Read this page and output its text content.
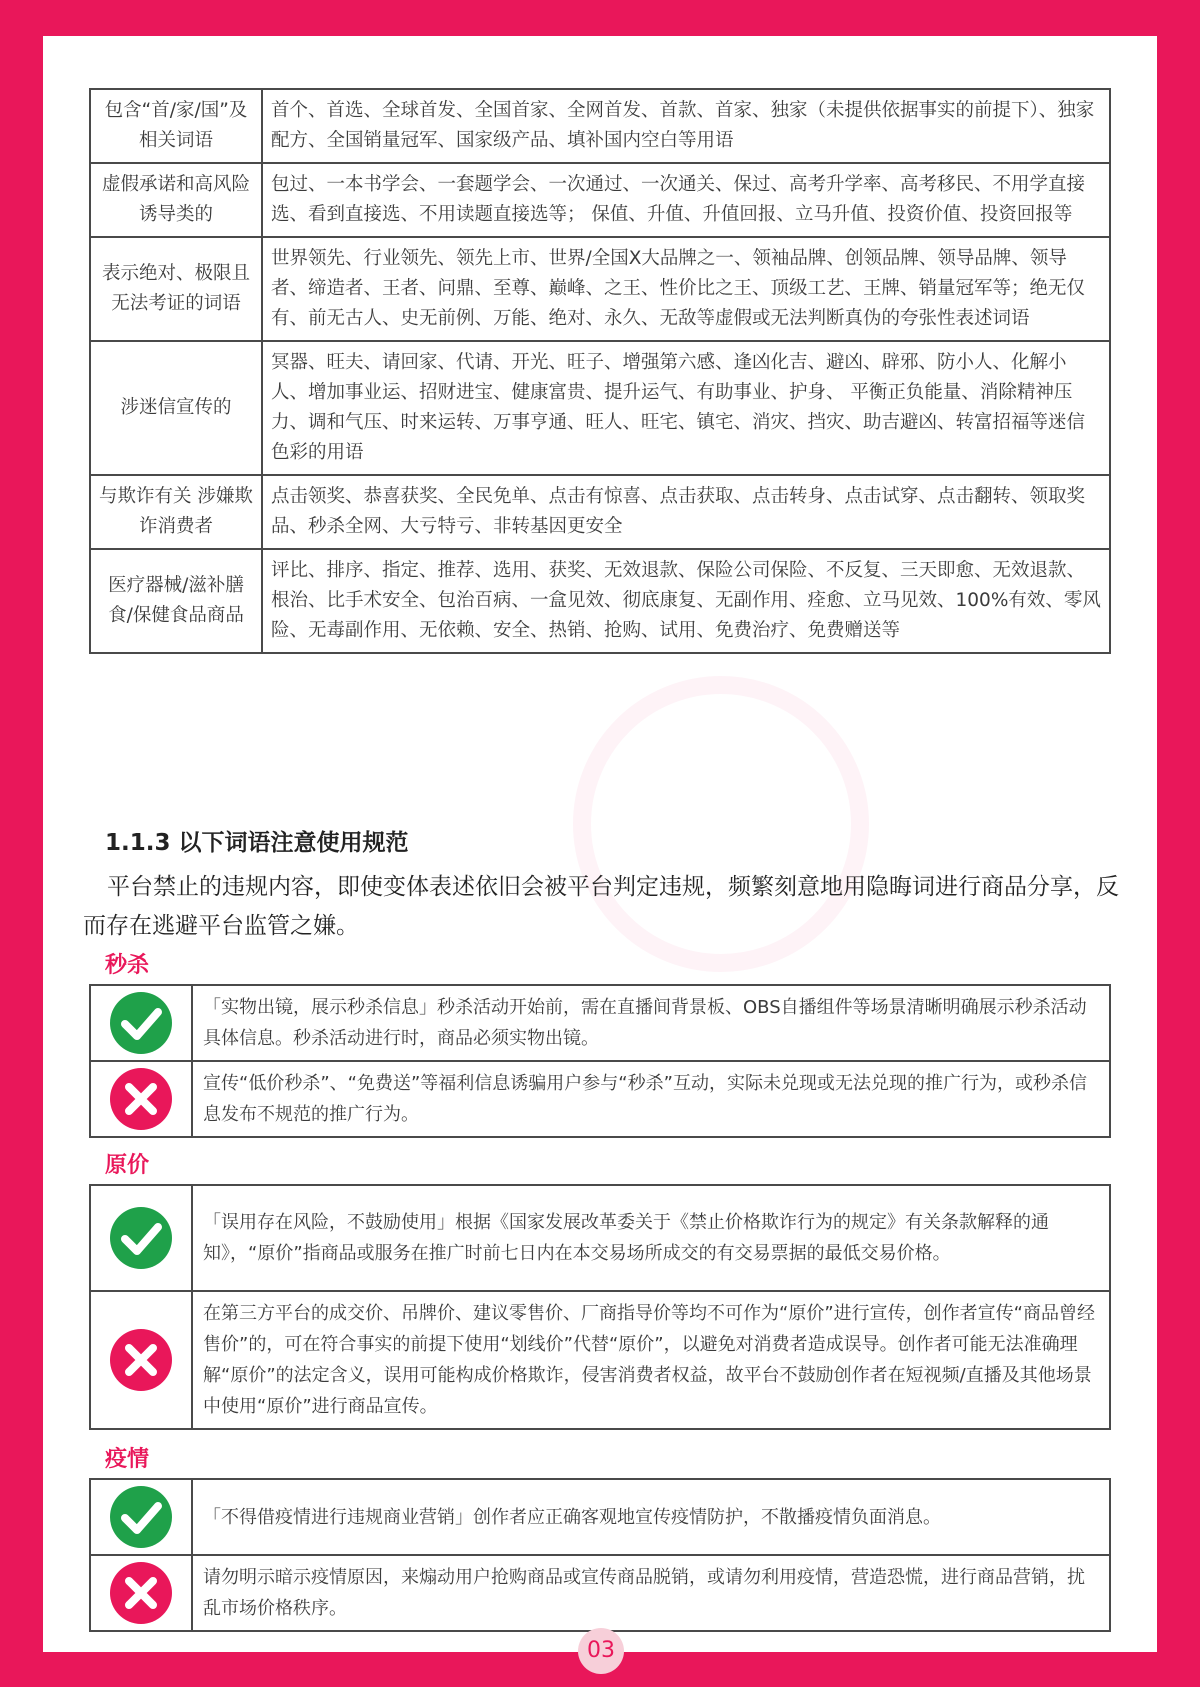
包含“首/家/国”及相关词语	首个、首选、全球首发、全国首家、全网首发、首款、首家、独家（未提供依据事实的前提下）、独家配方、全国销量冠军、国家级产品、填补国内空白等用语
虚假承诺和高风险诱导类的	包过、一本书学会、一套题学会、一次通过、一次通关、保过、高考升学率、高考移民、不用学直接选、看到直接选、不用读题直接选等； 保值、升值、升值回报、立马升值、投资价值、投资回报等
表示绝对、极限且无法考证的词语	世界领先、行业领先、领先上市、世界/全国X大品牌之一、领袖品牌、创领品牌、领导品牌、领导者、缔造者、王者、问鼎、至尊、巅峰、之王、性价比之王、顶级工艺、王牌、销量冠军等；绝无仅有、前无古人、史无前例、万能、绝对、永久、无敌等虚假或无法判断真伪的夸张性表述词语
涉迷信宣传的	冥器、旺夫、请回家、代请、开光、旺子、增强第六感、逢凶化吉、避凶、辟邪、防小人、化解小人、增加事业运、招财进宝、健康富贵、提升运气、有助事业、护身、 平衡正负能量、消除精神压力、调和气压、时来运转、万事亨通、旺人、旺宅、镇宅、消灾、挡灾、助吉避凶、转富招福等迷信色彩的用语
与欺诈有关 涉嫌欺诈消费者	点击领奖、恭喜获奖、全民免单、点击有惊喜、点击获取、点击转身、点击试穿、点击翻转、领取奖品、秒杀全网、大亏特亏、非转基因更安全
医疗器械/滋补膳食/保健食品商品	评比、排序、指定、推荐、选用、获奖、无效退款、保险公司保险、不反复、三天即愈、无效退款、根治、比手术安全、包治百病、一盒见效、彻底康复、无副作用、痊愈、立马见效、100%有效、零风险、无毒副作用、无依赖、安全、热销、抢购、试用、免费治疗、免费赠送等
1.1.3 以下词语注意使用规范

平台禁止的违规内容，即使变体表述依旧会被平台判定违规，频繁刻意地用隐晦词进行商品分享，反而存在逃避平台监管之嫌。

秒杀
	「实物出镜，展示秒杀信息」秒杀活动开始前，需在直播间背景板、OBS自播组件等场景清晰明确展示秒杀活动具体信息。秒杀活动进行时，商品必须实物出镜。
	宣传“低价秒杀”、“免费送”等福利信息诱骗用户参与“秒杀”互动，实际未兑现或无法兑现的推广行为，或秒杀信息发布不规范的推广行为。
原价
	「误用存在风险，不鼓励使用」根据《国家发展改革委关于《禁止价格欺诈行为的规定》有关条款解释的通知》，“原价”指商品或服务在推广时前七日内在本交易场所成交的有交易票据的最低交易价格。
	在第三方平台的成交价、吊牌价、建议零售价、厂商指导价等均不可作为“原价”进行宣传，创作者宣传“商品曾经售价”的，可在符合事实的前提下使用“划线价”代替“原价”，以避免对消费者造成误导。创作者可能无法准确理解“原价”的法定含义，误用可能构成价格欺诈，侵害消费者权益，故平台不鼓励创作者在短视频/直播及其他场景中使用“原价”进行商品宣传。
疫情
	「不得借疫情进行违规商业营销」创作者应正确客观地宣传疫情防护，不散播疫情负面消息。
	请勿明示暗示疫情原因，来煽动用户抢购商品或宣传商品脱销，或请勿利用疫情，营造恐慌，进行商品营销，扰乱市场价格秩序。
03
